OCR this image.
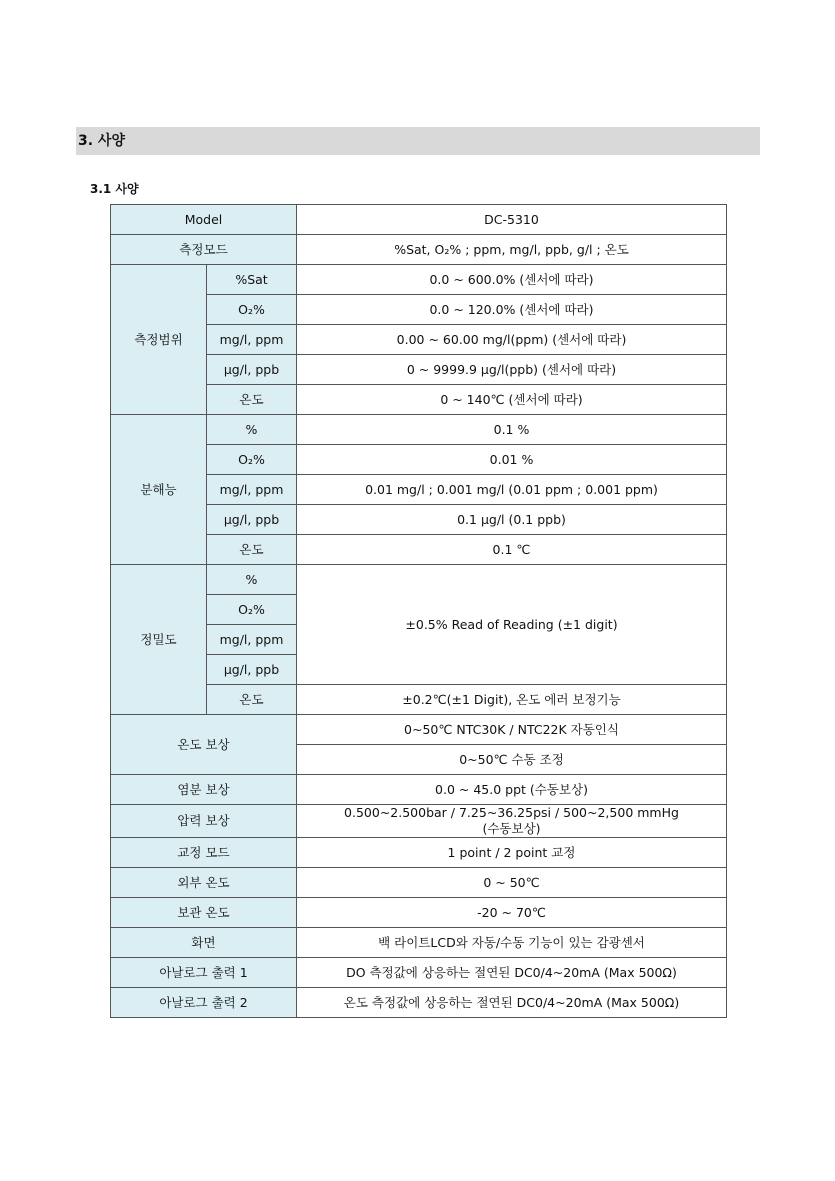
3. 사양
3.1 사양
Model		DC-5310
측정모드		%Sat, O₂% ; ppm, mg/l, ppb, g/l ; 온도
측정범위	%Sat	0.0 ~ 600.0% (센서에 따라)
	O₂%	0.0 ~ 120.0% (센서에 따라)
	mg/l, ppm	0.00 ~ 60.00 mg/l(ppm) (센서에 따라)
	µg/l, ppb	0 ~ 9999.9 µg/l(ppb) (센서에 따라)
	온도	0 ~ 140℃ (센서에 따라)
분해능	%	0.1 %
	O₂%	0.01 %
	mg/l, ppm	0.01 mg/l ; 0.001 mg/l (0.01 ppm ; 0.001 ppm)
	µg/l, ppb	0.1 µg/l (0.1 ppb)
	온도	0.1 ℃
정밀도	%	±0.5% Read of Reading (±1 digit)
	O₂%	
	mg/l, ppm	
	µg/l, ppb	
	온도	±0.2℃(±1 Digit), 온도 에러 보정기능
온도 보상		0~50℃ NTC30K / NTC22K 자동인식
		0~50℃ 수동 조정
염분 보상		0.0 ~ 45.0 ppt (수동보상)
압력 보상		0.500~2.500bar / 7.25~36.25psi / 500~2,500 mmHg
(수동보상)

교정 모드		1 point / 2 point 교정
외부 온도		0 ~ 50℃
보관 온도		-20 ~ 70℃
화면		백 라이트LCD와 자동/수동 기능이 있는 감광센서
아날로그 출력 1		DO 측정값에 상응하는 절연된 DC0/4~20mA (Max 500Ω)
아날로그 출력 2		온도 측정값에 상응하는 절연된 DC0/4~20mA (Max 500Ω)
